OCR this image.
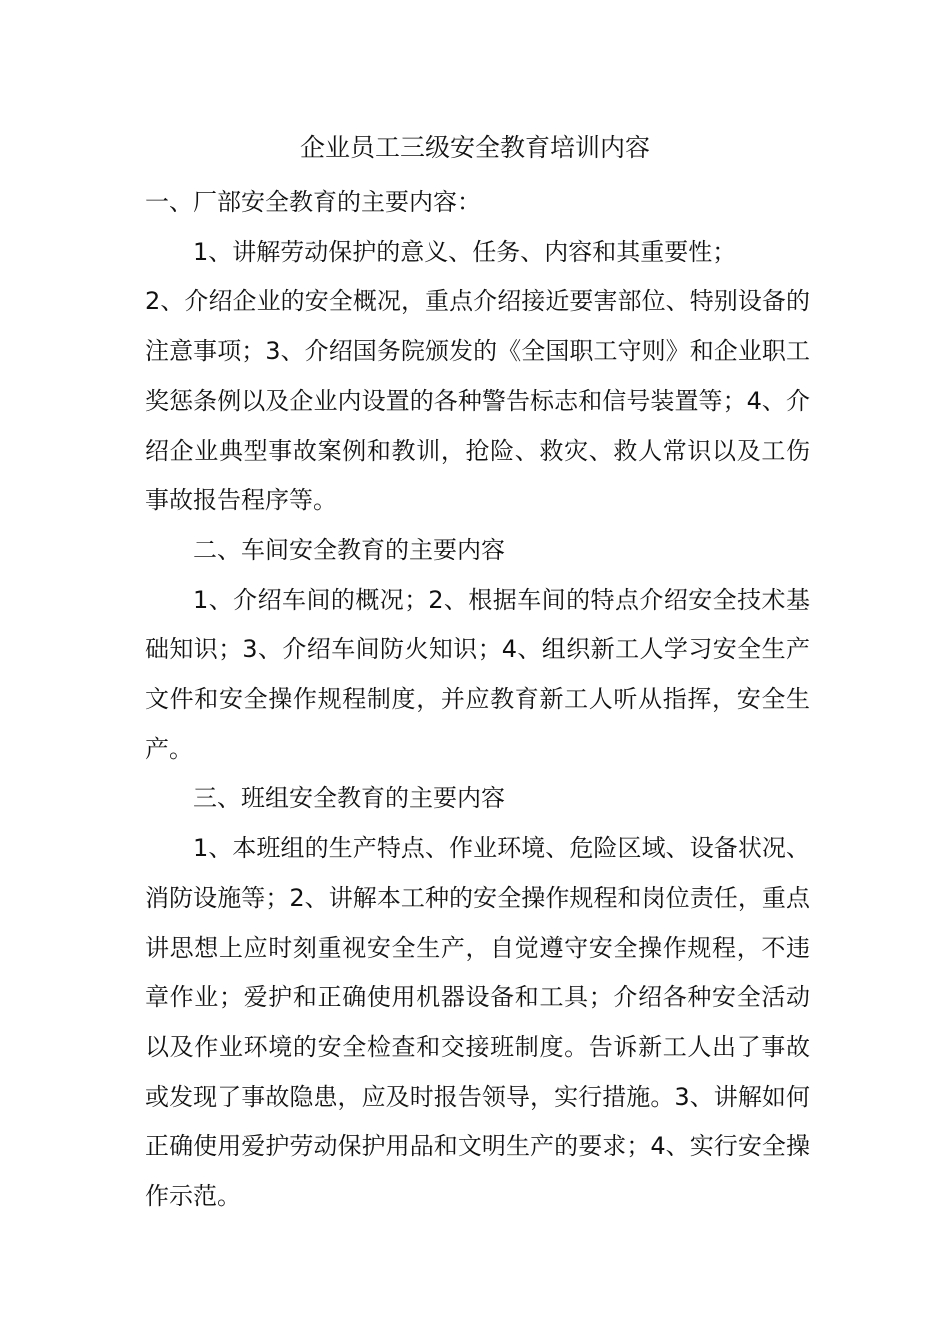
企业员工三级安全教育培训内容

一、厂部安全教育的主要内容：

1、讲解劳动保护的意义、任务、内容和其重要性；

2、介绍企业的安全概况，重点介绍接近要害部位、特别设备的注意事项；3、介绍国务院颁发的《全国职工守则》和企业职工奖惩条例以及企业内设置的各种警告标志和信号装置等；4、介绍企业典型事故案例和教训，抢险、救灾、救人常识以及工伤事故报告程序等。

二、车间安全教育的主要内容

1、介绍车间的概况；2、根据车间的特点介绍安全技术基础知识；3、介绍车间防火知识；4、组织新工人学习安全生产文件和安全操作规程制度，并应教育新工人听从指挥，安全生产。

三、班组安全教育的主要内容

1、本班组的生产特点、作业环境、危险区域、设备状况、消防设施等；2、讲解本工种的安全操作规程和岗位责任，重点讲思想上应时刻重视安全生产，自觉遵守安全操作规程，不违章作业；爱护和正确使用机器设备和工具；介绍各种安全活动以及作业环境的安全检查和交接班制度。告诉新工人出了事故或发现了事故隐患，应及时报告领导，实行措施。3、讲解如何正确使用爱护劳动保护用品和文明生产的要求；4、实行安全操作示范。
